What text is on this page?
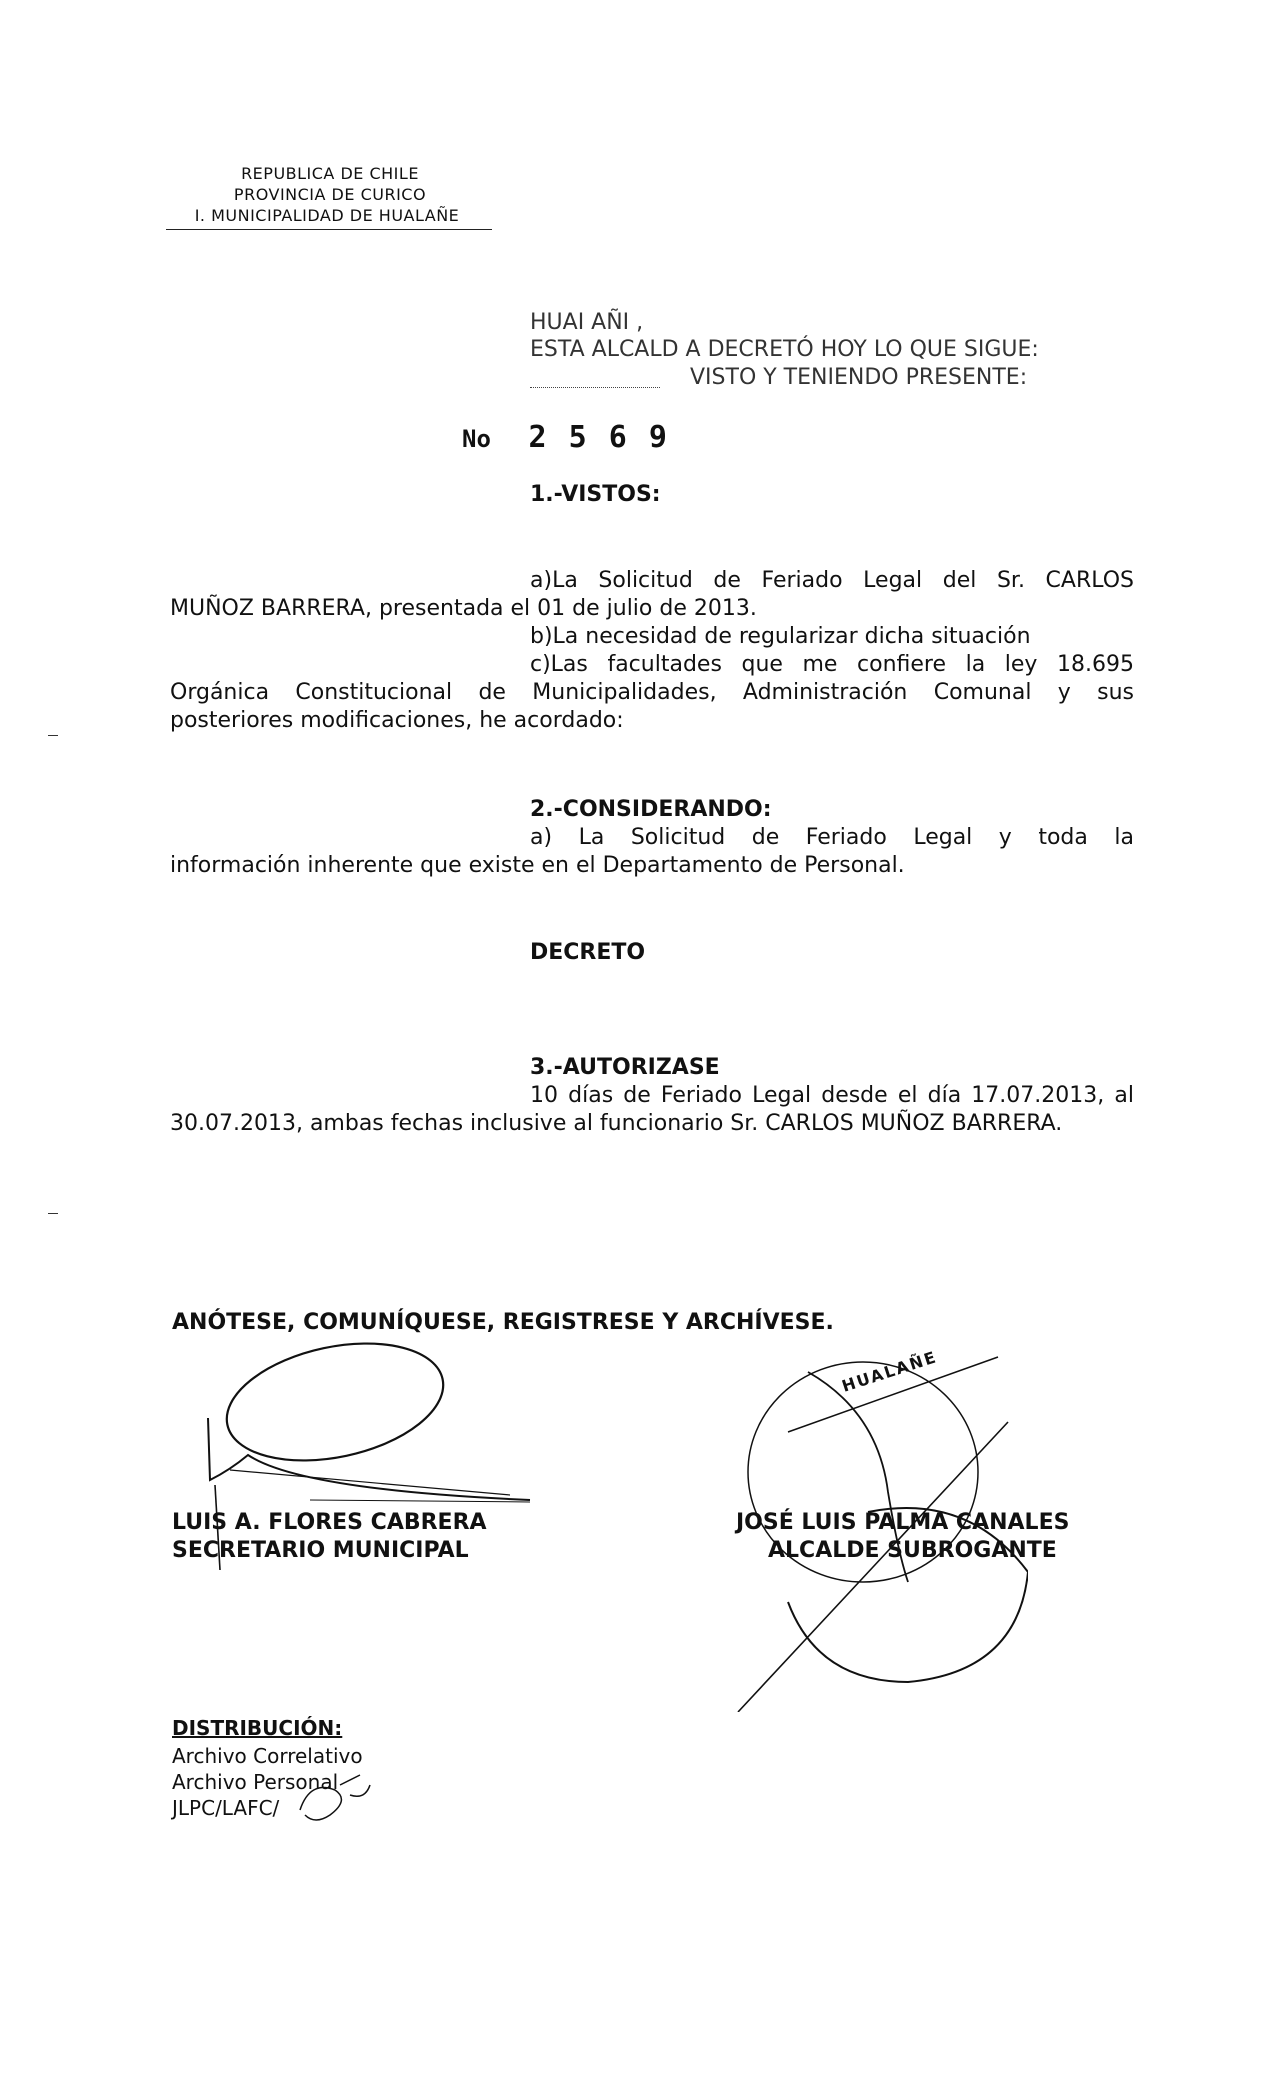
REPUBLICA DE CHILE
PROVINCIA DE CURICO
I. MUNICIPALIDAD DE HUALAÑE
HUAI AÑI ,
ESTA ALCALD A DECRETÓ HOY LO QUE SIGUE:
VISTO Y TENIENDO PRESENTE:
No 2 5 6 9
1.-VISTOS:
a)La Solicitud de Feriado Legal del Sr. CARLOS
MUÑOZ BARRERA, presentada el 01 de julio de 2013.
b)La necesidad de regularizar dicha situación
c)Las facultades que me confiere la ley 18.695
Orgánica Constitucional de Municipalidades, Administración Comunal y sus
posteriores modificaciones, he acordado:
2.-CONSIDERANDO:
a) La Solicitud de Feriado Legal y toda la
información inherente que existe en el Departamento de Personal.
DECRETO
3.-AUTORIZASE
10 días de Feriado Legal desde el día 17.07.2013, al
30.07.2013, ambas fechas inclusive al funcionario Sr. CARLOS MUÑOZ BARRERA.
ANÓTESE, COMUNÍQUESE, REGISTRESE Y ARCHÍVESE.
HUALAÑE
LUIS A. FLORES CABRERA
SECRETARIO MUNICIPAL
JOSÉ LUIS PALMA CANALES
ALCALDE SUBROGANTE
DISTRIBUCIÓN:
Archivo Correlativo
Archivo Personal
JLPC/LAFC/
